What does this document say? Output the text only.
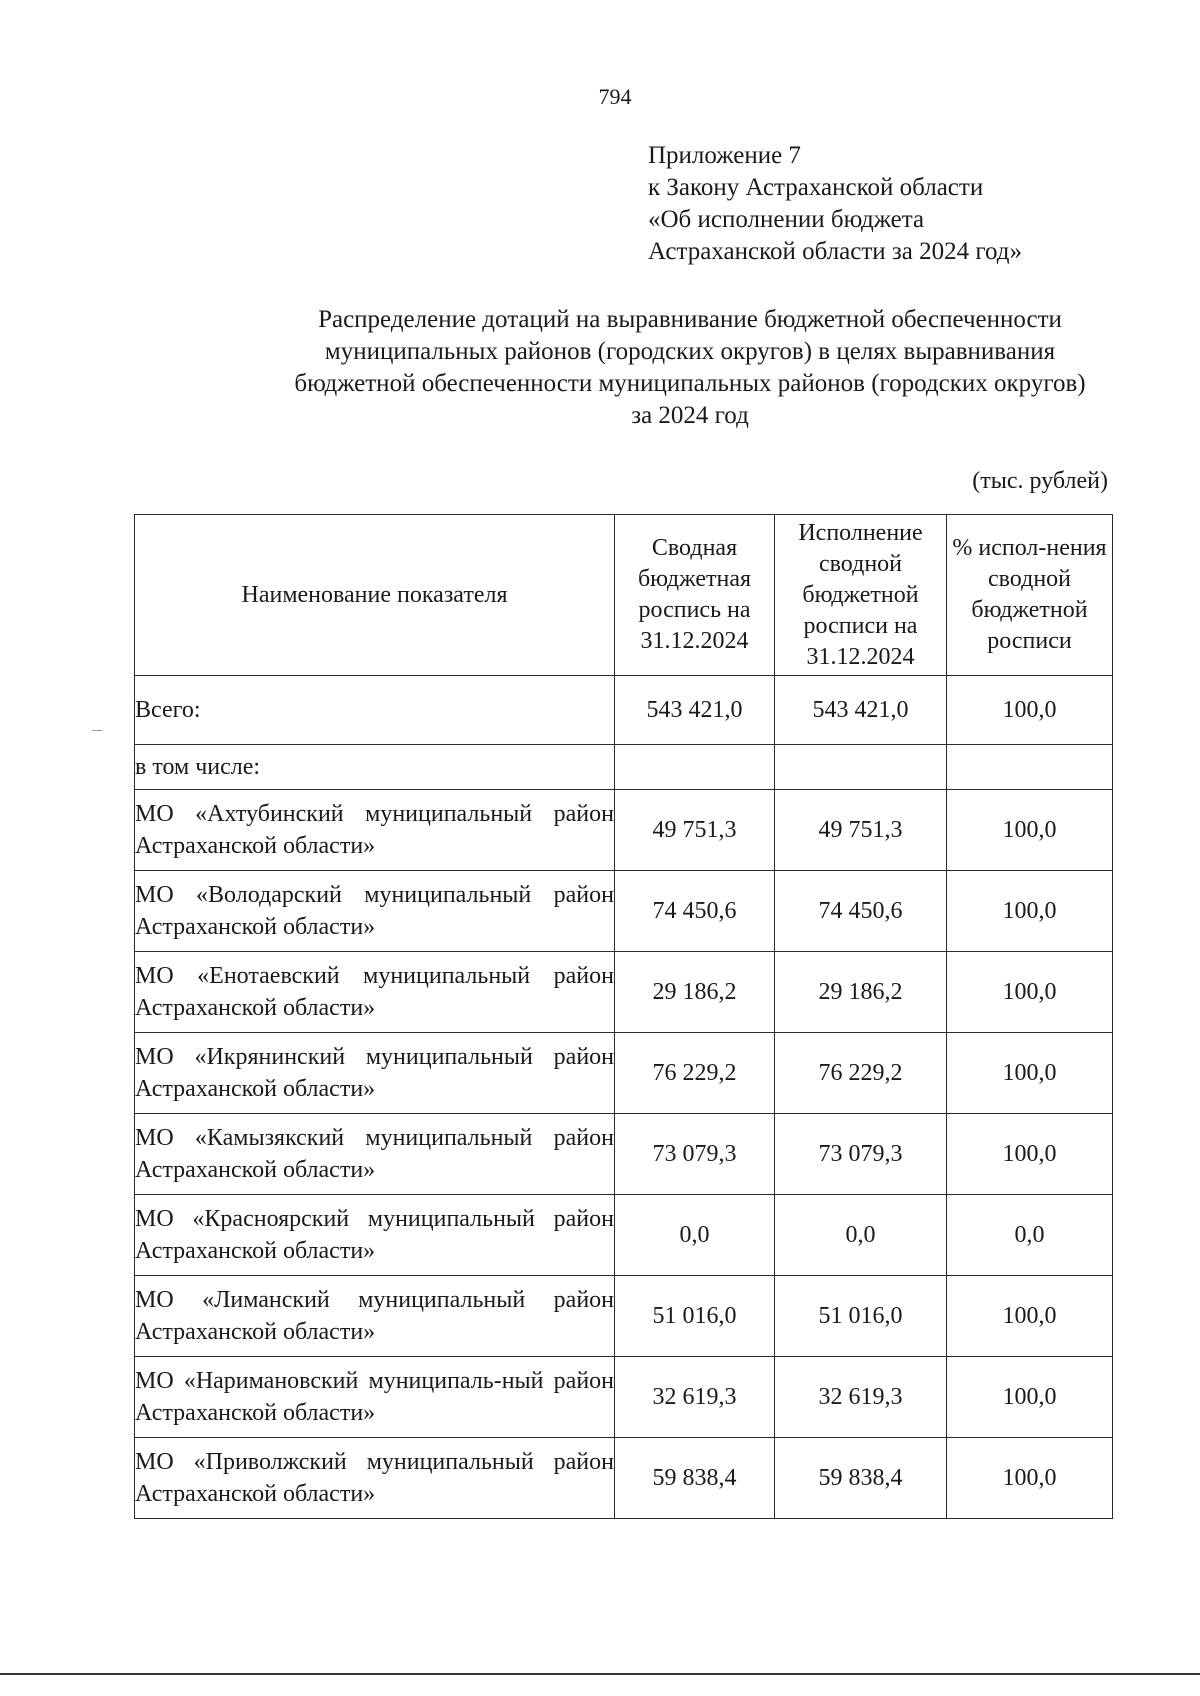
794
Приложение 7
к Закону Астраханской области
«Об исполнении бюджета
Астраханской области за 2024 год»
Распределение дотаций на выравнивание бюджетной обеспеченности
муниципальных районов (городских округов) в целях выравнивания
бюджетной обеспеченности муниципальных районов (городских округов)
за 2024 год
(тыс. рублей)
Наименование показателя	Сводная бюджетная роспись на 31.12.2024	Исполнение сводной бюджетной росписи на 31.12.2024	% испол-нения сводной бюджетной росписи
Всего:	543 421,0	543 421,0	100,0
в том числе:			
МО «Ахтубинский муниципальный район Астраханской области»	49 751,3	49 751,3	100,0
МО «Володарский муниципальный район Астраханской области»	74 450,6	74 450,6	100,0
МО «Енотаевский муниципальный район Астраханской области»	29 186,2	29 186,2	100,0
МО «Икрянинский муниципальный район Астраханской области»	76 229,2	76 229,2	100,0
МО «Камызякский муниципальный район Астраханской области»	73 079,3	73 079,3	100,0
МО «Красноярский муниципальный район Астраханской области»	0,0	0,0	0,0
МО «Лиманский муниципальный район Астраханской области»	51 016,0	51 016,0	100,0
МО «Наримановский муниципаль-ный район Астраханской области»	32 619,3	32 619,3	100,0
МО «Приволжский муниципальный район Астраханской области»	59 838,4	59 838,4	100,0
